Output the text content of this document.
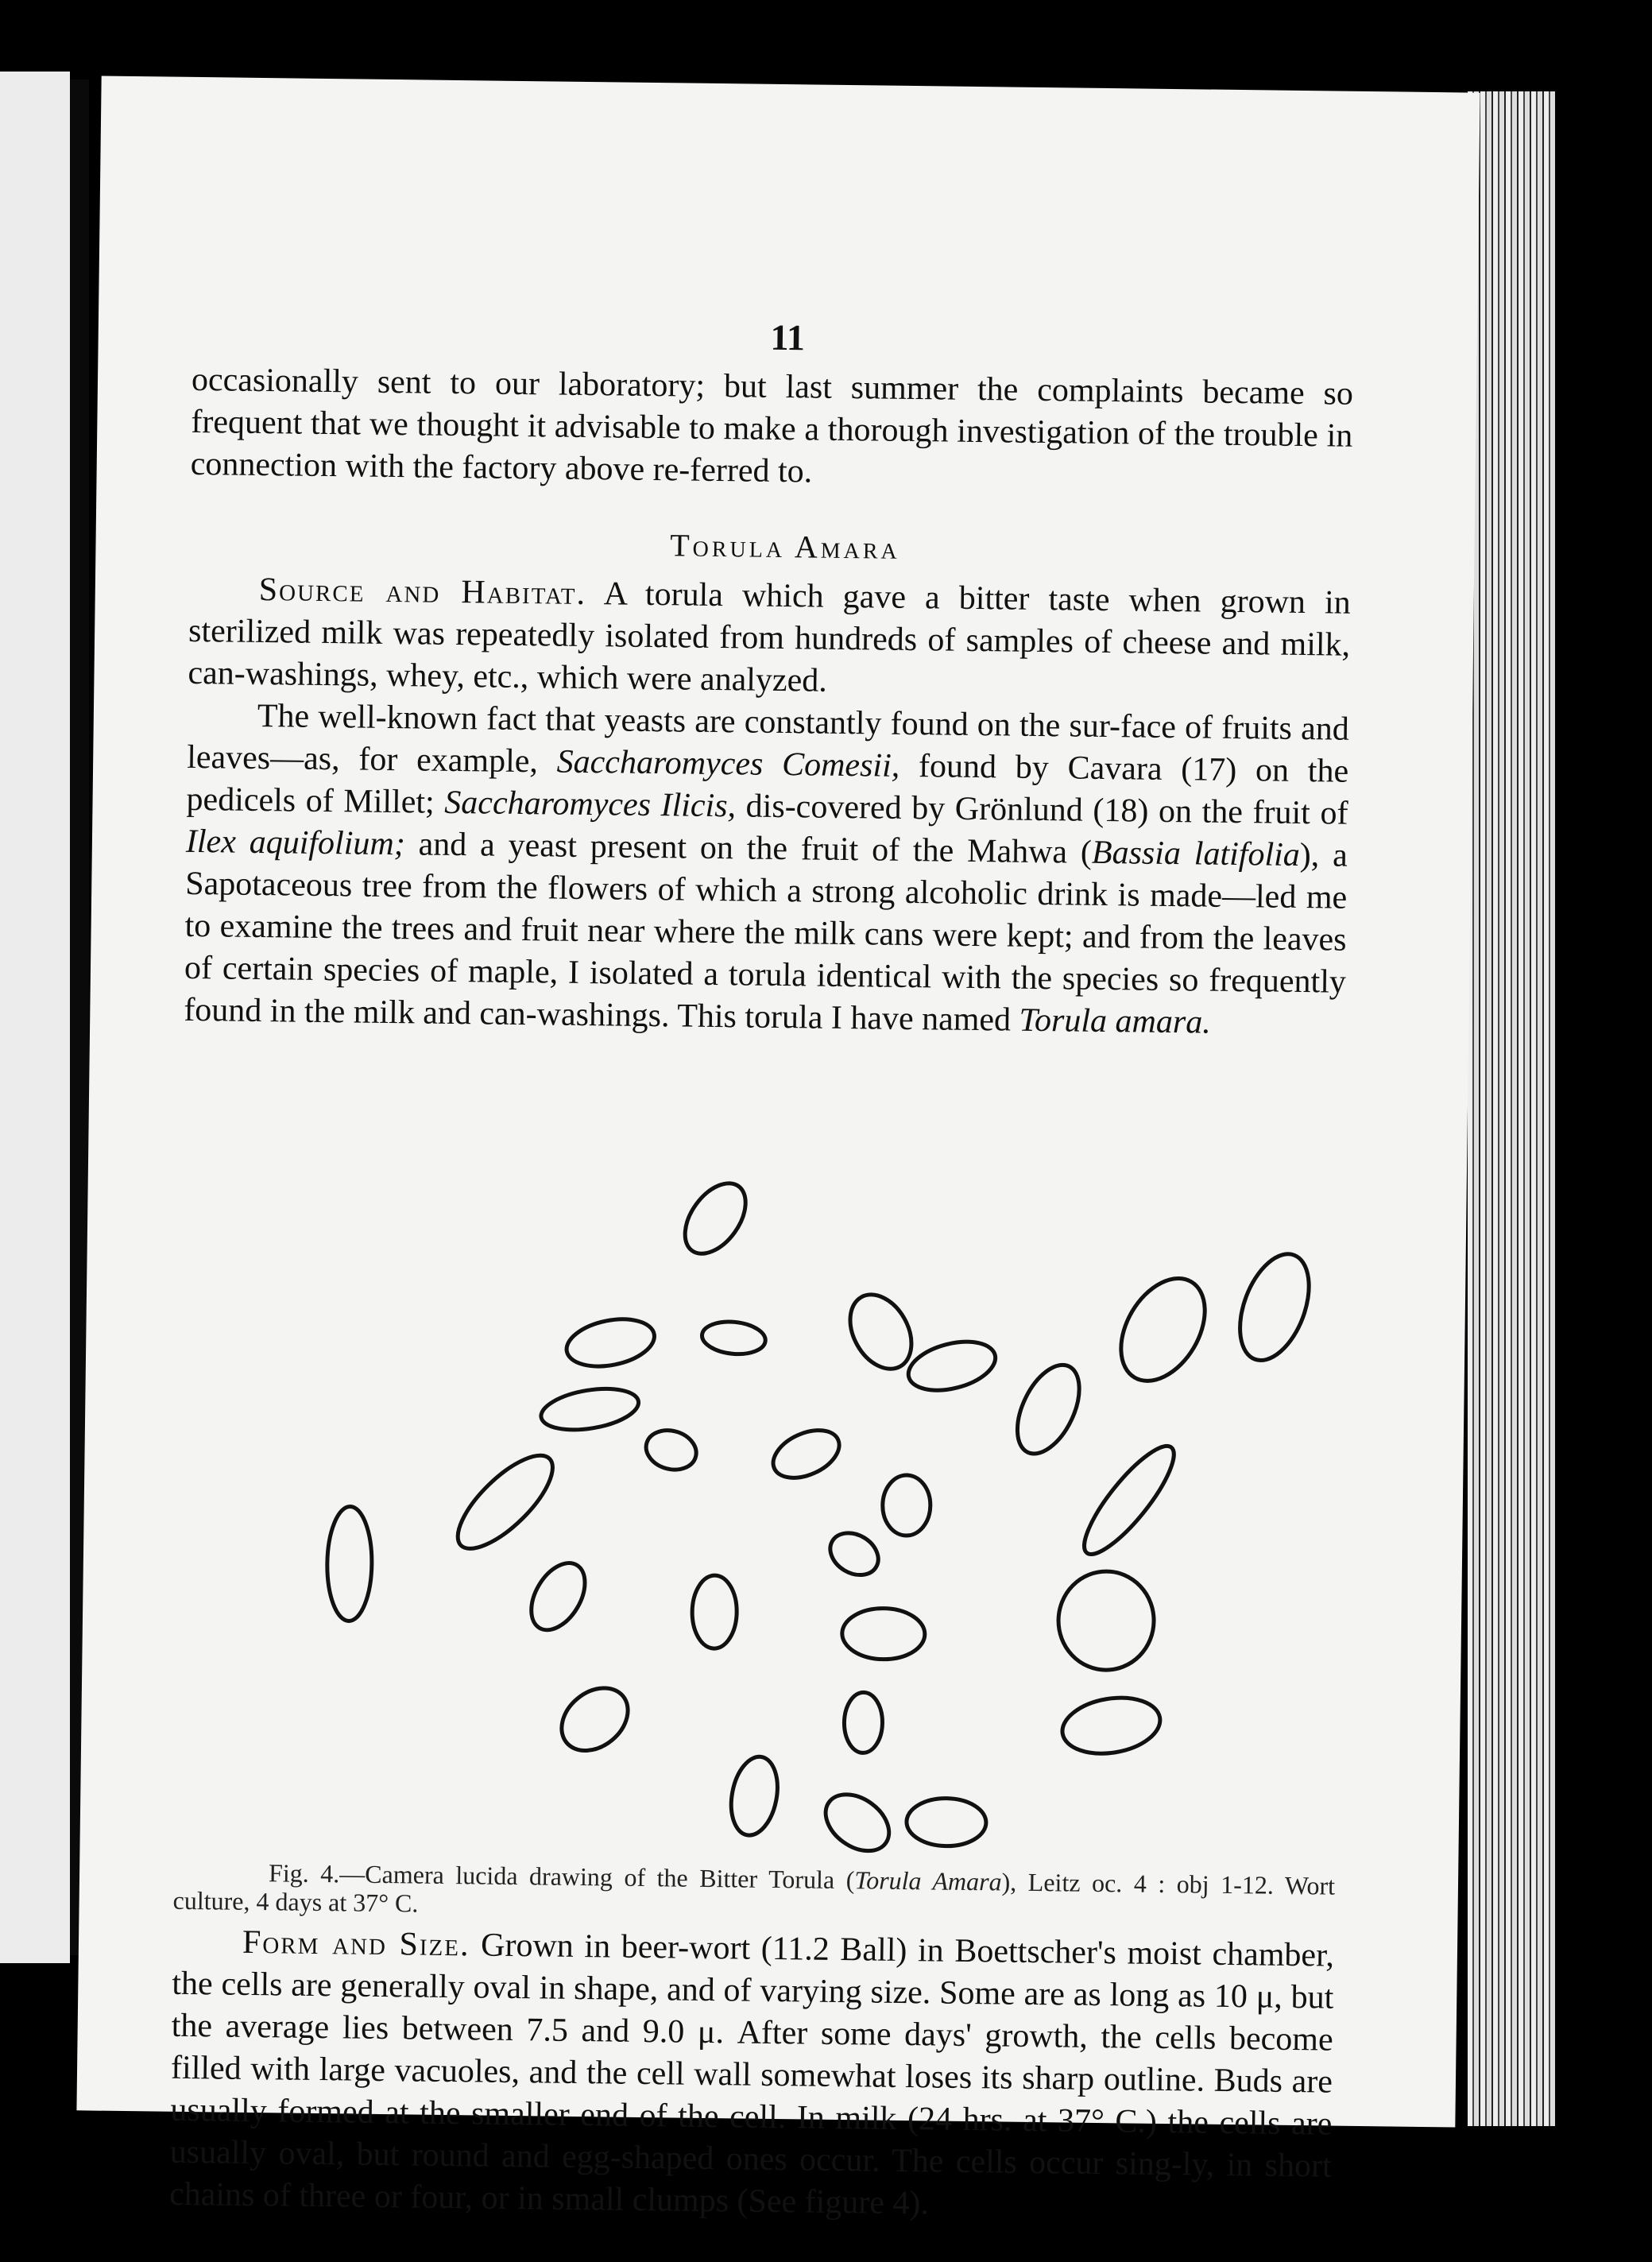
11

occasionally sent to our laboratory; but last summer the complaints became so frequent that we thought it advisable to make a thorough investigation of the trouble in connection with the factory above re-ferred to.

Torula Amara

Source and Habitat. A torula which gave a bitter taste when grown in sterilized milk was repeatedly isolated from hundreds of samples of cheese and milk, can-washings, whey, etc., which were analyzed.

The well-known fact that yeasts are constantly found on the sur-face of fruits and leaves—as, for example, Saccharomyces Comesii, found by Cavara (17) on the pedicels of Millet; Saccharomyces Ilicis, dis-covered by Grönlund (18) on the fruit of Ilex aquifolium; and a yeast present on the fruit of the Mahwa (Bassia latifolia), a Sapotaceous tree from the flowers of which a strong alcoholic drink is made—led me to examine the trees and fruit near where the milk cans were kept; and from the leaves of certain species of maple, I isolated a torula identical with the species so frequently found in the milk and can-washings. This torula I have named Torula amara.

Fig. 4.—Camera lucida drawing of the Bitter Torula (Torula Amara), Leitz oc. 4 : obj 1-12. Wort culture, 4 days at 37° C.

Form and Size. Grown in beer-wort (11.2 Ball) in Boettscher's moist chamber, the cells are generally oval in shape, and of varying size. Some are as long as 10 μ, but the average lies between 7.5 and 9.0 μ. After some days' growth, the cells become filled with large vacuoles, and the cell wall somewhat loses its sharp outline. Buds are usually formed at the smaller end of the cell. In milk (24 hrs. at 37° C.) the cells are usually oval, but round and egg-shaped ones occur. The cells occur sing-ly, in short chains of three or four, or in small clumps (See figure 4).
